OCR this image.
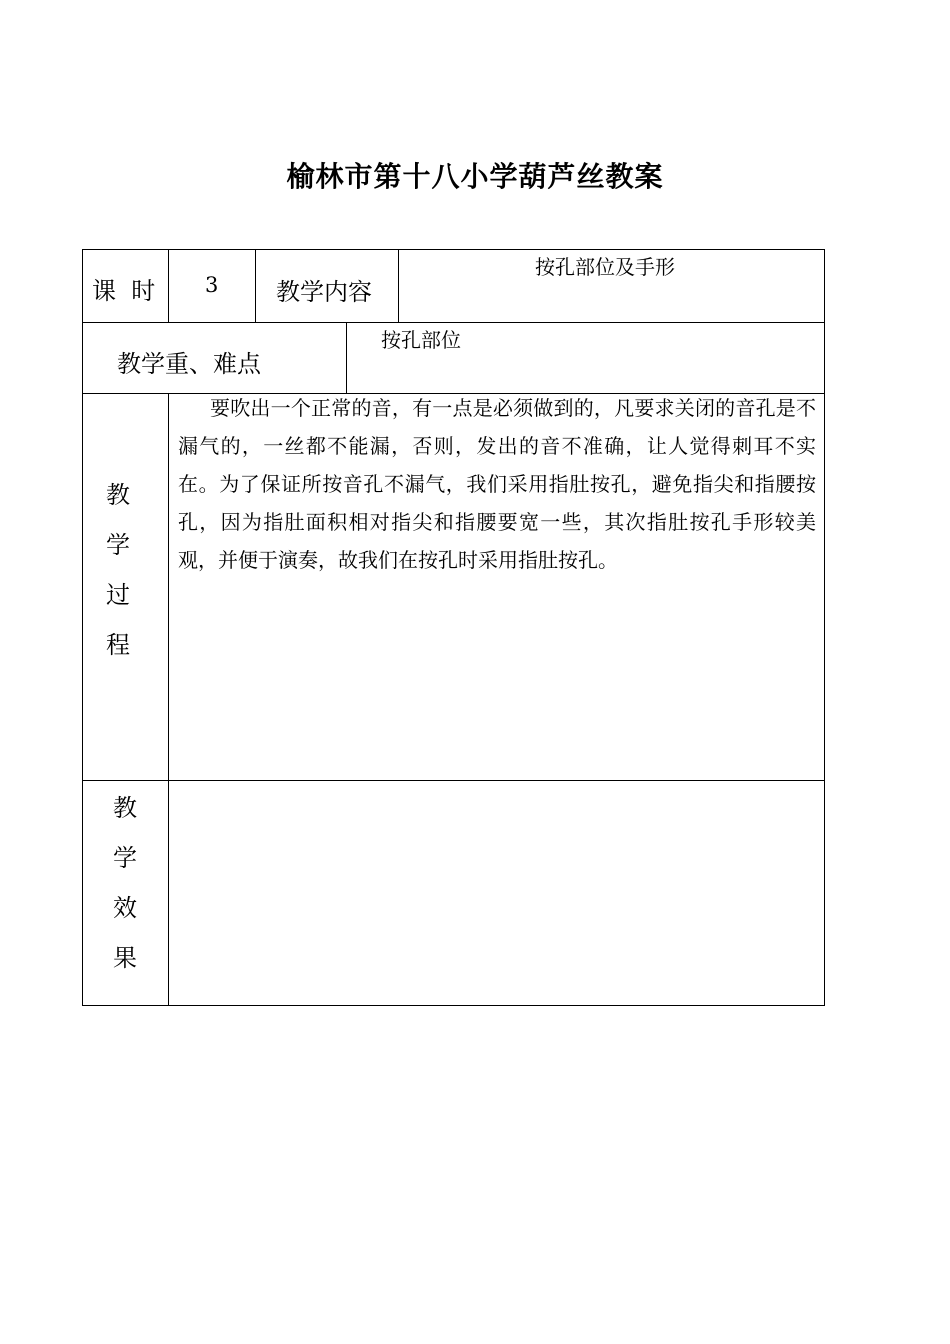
榆林市第十八小学葫芦丝教案
课  时 3 教学内容
按孔部位及手形
教学重、难点
按孔部位
教
学
过
程
要吹出一个正常的音，有一点是必须做到的，凡要求关闭的音孔是不漏气的，一丝都不能漏，否则，发出的音不准确，让人觉得刺耳不实在。为了保证所按音孔不漏气，我们采用指肚按孔，避免指尖和指腰按孔，因为指肚面积相对指尖和指腰要宽一些，其次指肚按孔手形较美观，并便于演奏，故我们在按孔时采用指肚按孔。
教
学
效
果
